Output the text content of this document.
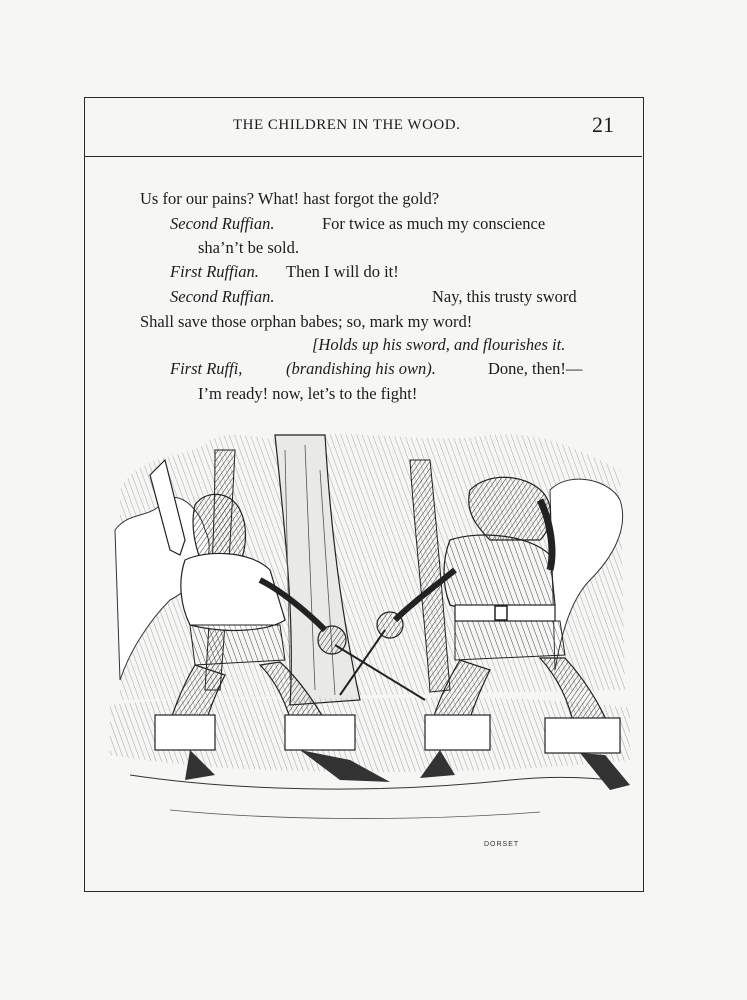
THE CHILDREN IN THE WOOD.	21
Us for our pains? What! hast forgot the gold?
Second Ruffian.	For twice as much my conscience
sha’n’t be sold.
First Ruffian. Then I will do it!
Second Ruffian.	Nay, this trusty sword
Shall save those orphan babes; so, mark my word!
[Holds up his sword, and flourishes it.
First Ruffi,	(brandishing his own).	Done, then!—
I’m ready! now, let’s to the fight!
DORSET
